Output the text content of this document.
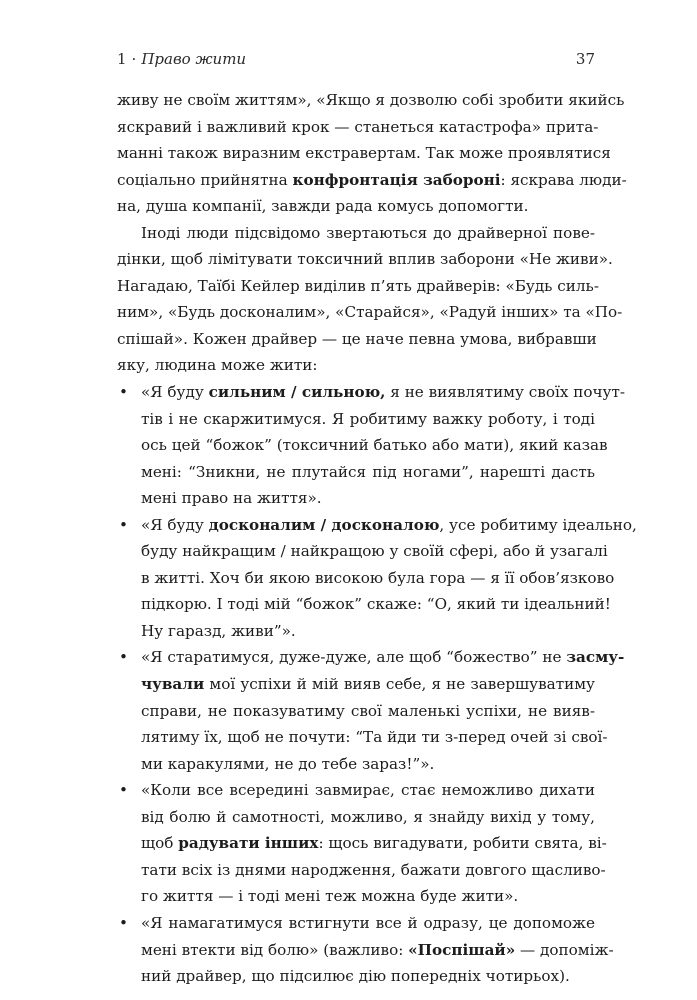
1 · Право жити	37
живу не своїм життям», «Якщо я дозволю собі зробити якийсь
яскравий і важливий крок — станеться катастрофа» прита-
манні також виразним екстравертам. Так може проявлятися
соціально прийнятна конфронтація забороні: яскрава люди-
на, душа компанії, завжди рада комусь допомогти.
Іноді люди підсвідомо звертаються до драйверної пове-
дінки, щоб лімітувати токсичний вплив заборони «Не живи».
Нагадаю, Таїбі Кейлер виділив п’ять драйверів: «Будь силь-
ним», «Будь досконалим», «Старайся», «Радуй інших» та «По-
спішай». Кожен драйвер — це наче певна умова, вибравши
яку, людина може жити:
• «Я буду сильним / сильною, я не виявлятиму своїх почут-
тів і не скаржитимуся. Я робитиму важку роботу, і тоді
ось цей “божок” (токсичний батько або мати), який казав
мені: “Зникни, не плутайся під ногами”, нарешті дасть
мені право на життя».
• «Я буду досконалим / досконалою, усе робитиму ідеально,
буду найкращим / найкращою у своїй сфері, або й узагалі
в житті. Хоч би якою високою була гора — я її обов’язково
підкорю. І тоді мій “божок” скаже: “О, який ти ідеальний!
Ну гаразд, живи”».
• «Я старатимуся, дуже-дуже, але щоб “божество” не засму-
чували мої успіхи й мій вияв себе, я не завершуватиму
справи, не показуватиму свої маленькі успіхи, не вияв-
лятиму їх, щоб не почути: “Та йди ти з-перед очей зі свої-
ми каракулями, не до тебе зараз!”».
• «Коли все всередині завмирає, стає неможливо дихати
від болю й самотності, можливо, я знайду вихід у тому,
щоб радувати інших: щось вигадувати, робити свята, ві-
тати всіх із днями народження, бажати довгого щасливо-
го життя — і тоді мені теж можна буде жити».
• «Я намагатимуся встигнути все й одразу, це допоможе
мені втекти від болю» (важливо: «Поспішай» — допоміж-
ний драйвер, що підсилює дію попередніх чотирьох).
